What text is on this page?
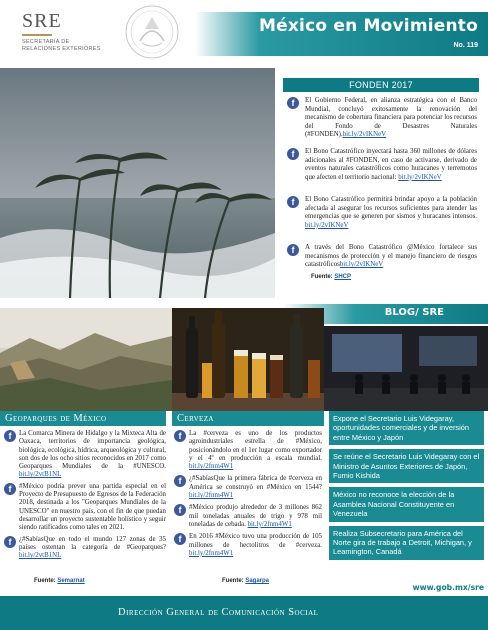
SRE
SECRETARÍA DE
RELACIONES EXTERIORES
México en Movimiento
No. 119
FONDEN 2017
f	El Gobierno Federal, en alianza estratégica con el Banco Mundial, concluyó exitosamente la renovación del mecanismo de cobertura financiera para potenciar los recursos del Fondo de Desastres Naturales (#FONDEN).bit.ly/2vIKNeV

f	El Bono Catastrófico inyectará hasta 360 millones de dólares adicionales al #FONDEN, en caso de activarse, derivado de eventos naturales catastróficos como huracanes y terremotos que afecten el territorio nacional: bit.ly/2vIKNeV

f	El Bono Catastrófico permitirá brindar apoyo a la población afectada al asegurar los recursos suficientes para atender las emergencias que se generen por sismos y huracanes intensos. bit.ly/2vIKNeV

f	A través del Bono Catastrófico @México fortalece sus mecanismos de protección y el manejo financiero de riesgos catastróficosbit.ly/2vIKNeV

Fuente: SHCP
BLOG/ SRE
Geoparques de México
f	La Comarca Minera de Hidalgo y la Mixteca Alta de Oaxaca, territorios de importancia geológica, biológica, ecológica, hídrica, arqueológica y cultural, son dos de los ocho sitios reconocidos en 2017 como Geoparques Mundiales de la #UNESCO. bit.ly/2vtB1NL

f	#México podría prever una partida especial en el Proyecto de Presupuesto de Egresos de la Federación 2018, destinada a los "Geoparques Mundiales de la UNESCO" en nuestro país, con el fin de que puedan desarrollar un proyecto sustentable holístico y seguir siendo ratificados como tales en 2021.

f	¿#SabíasQue en todo el mundo 127 zonas de 35 países ostentan la categoría de #Geoparques?bit.ly/2vtB1NL

Fuente: Semarnat
Cerveza
f	La #cerveza es uno de los productos agroindustriales estrella de #México, posicionándolo en el 1er lugar como exportador y el 4º en producción a escala mundial. bit.ly/2fnm4W1

f	¿#SabíasQue la primera fábrica de #cerveza en América se construyó en #México en 1544? bit.ly/2fnm4W1

f	#México produjo alrededor de 3 millones 862 mil toneladas anuales de trigo y 978 mil toneladas de cebada. bit.ly/2fnm4W1

f	En 2016 #México tuvo una producción de 105 millones de hectolitros de #cerveza. bit.ly/2fnm4W1

Fuente: Sagarpa
Expone el Secretario Luis Videgaray, oportunidades comerciales y de inversión entre México y Japón
Se reúne el Secretario Luis Videgaray con el Ministro de Asuntos Exteriores de Japón, Fumio Kishida
México no reconoce la elección de la Asamblea Nacional Constituyente en Venezuela
Realiza Subsecretario para América del Norte gira de trabajo a Detroit, Michigan, y Leamington, Canadá
www.gob.mx/sre
Dirección General de Comunicación Social
